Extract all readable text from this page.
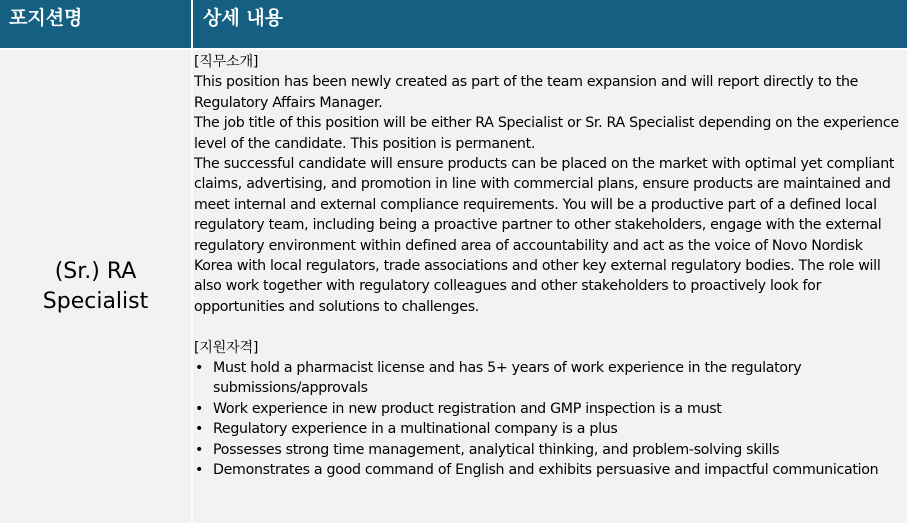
포지션명	상세 내용
(Sr.) RA Specialist

[직무소개]

This position has been newly created as part of the team expansion and will report directly to the Regulatory Affairs Manager.

The job title of this position will be either RA Specialist or Sr. RA Specialist depending on the experience level of the candidate. This position is permanent.

The successful candidate will ensure products can be placed on the market with optimal yet compliant claims, advertising, and promotion in line with commercial plans, ensure products are maintained and meet internal and external compliance requirements. You will be a productive part of a defined local regulatory team, including being a proactive partner to other stakeholders, engage with the external regulatory environment within defined area of accountability and act as the voice of Novo Nordisk Korea with local regulators, trade associations and other key external regulatory bodies. The role will also work together with regulatory colleagues and other stakeholders to proactively look for opportunities and solutions to challenges.

[지원자격]

• Must hold a pharmacist license and has 5+ years of work experience in the regulatory submissions/approvals
• Work experience in new product registration and GMP inspection is a must
• Regulatory experience in a multinational company is a plus
• Possesses strong time management, analytical thinking, and problem-solving skills
• Demonstrates a good command of English and exhibits persuasive and impactful communication
